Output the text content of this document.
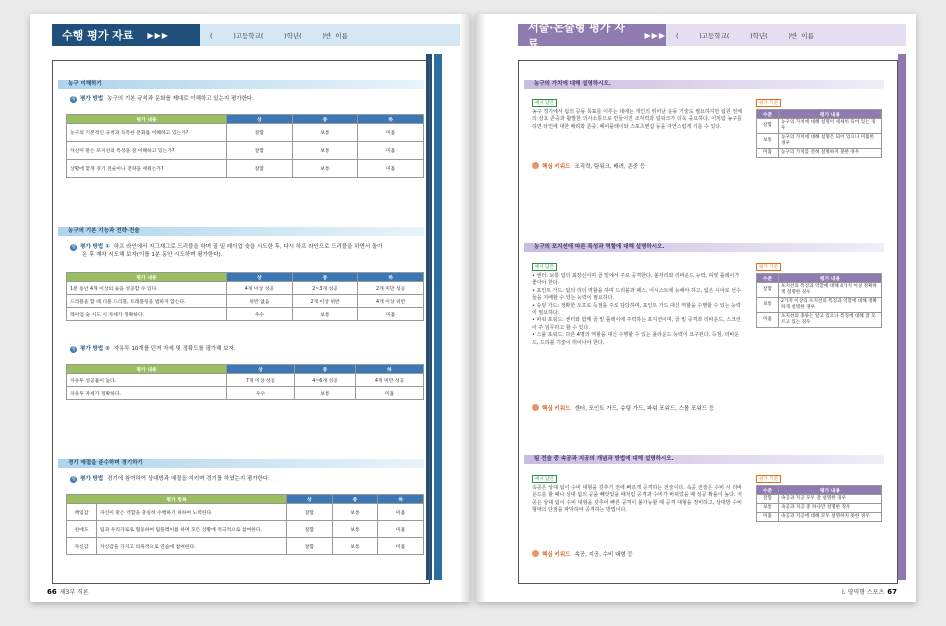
수행 평가 자료 ▶▶▶	(          )고등학교(          )학년(          )반  이름
농구 이해하기
평 평가 방법 농구의 기본 규칙과 문화를 제대로 이해하고 있는지 평가한다.
평가 내용	상	중	하
농구의 기본적인 규칙과 득특한 문화를 이해하고 있는가?	잘함	보통	미흡
자신이 맡은 포지션의 특성을 잘 이해하고 있는가?	잘함	보통	미흡
상황에 맞게 경기 전술이나 전략을 세웠는가?	잘함	보통	미흡
농구의 기본 기능과 전략·전술
평 평가 방법 ① 하프 라인에서 지그재그로 드리블을 하며 골 밑 레이업 슛을 시도한 후, 다시 하프 라인으로 드리블을 하면서 돌아
온 후 재차 시도해 보자(이를 1분 동안 시도하며 평가한다).
평가 내용	상	중	하
1분 동안 4개 이상의 슛을 성공할 수 있다.	4개 이상 성공	2~3개 성공	2개 미만 성공
드리블을 할 때 더블 드리블, 트래블링을 범하지 않는다.	위반 없음	2개 이상 위반	4개 이상 위반
레이업 슛 시도 시 자세가 정확하다.	우수	보통	미흡
평 평가 방법 ② 자유투 10개를 던져 자세 및 정확도를 평가해 보자.
평가 내용	상	중	하
자유투 성공률이 높다.	7개 이상 성공	4~6개 성공	4개 미만 성공
자유투 자세가 정확하다.	우수	보통	미흡
경기 예절을 준수하며 경기하기
평 평가 방법 경기에 참여하여 상대방과 예절을 지키며 경기를 하였는지 평가한다.
평가 항목		상	중	하
책임감	자신이 맡은 역할을 충실히 수행하기 위하여 노력한다.	잘함	보통	미흡
친애도	팀과 우리가로로 협동하여 팀플레이를 하며 모든 상황에 적극적으로 참여한다.	잘함	보통	미흡
자신감	자신감을 가지고 의욕적으로 연습에 참여한다.	잘함	보통	미흡
66 제3부 직론
서술·논술형 평가 자료
▶▶▶	(          )고등학교(          )학년(          )반  이름
농구의 가치에 대해 설명하시오.
예시 답안
농구 경기에서 팀의 공동 목표를 이루는 데에는 개인의 뛰어난 운동 기술도 필요하지만 팀원 전체의 상호 존중과 활발한 의사소통으로 만들어진 조직력과 팀워크가 더욱 중요하다. 이처럼 농구를 하면 타인에 대한 배려와 존중, 페어플레이와 스포츠맨십 등을 자연스럽게 기를 수 있다.
핵심 키워드 조직력, 팀워크, 배려, 존중 등
평가 기준
수준	평가 내용
잘함	농구의 가치에 대해 설명이 세세히 되어 있는 경우
보통	농구의 가치에 대해 설명은 되어 있으나 미흡한 경우
미흡	농구의 가치를 전혀 설명하지 못한 경우
농구의 포지션에 따른 특성과 역할에 대해 설명하시오.
예시 답안
• 센터: 보통 팀의 최장신이며 골 밑에서 주로 공격한다. 볼처리와 리바운드 능력, 피벗 플레이가 좋아야 한다.
• 포인트 가드: 팀의 리더 역할을 하며 드리블과 패스, 어시스트에 능해야 하고, 넓은 시야로 선수들을 지배할 수 있는 능력이 필요하다.
• 슈팅 가드: 정확한 오프로 득점을 주로 담당하며, 포인트 가드 대신 역할을 수행할 수 있는 능력이 필요하다.
• 파워 포워드: 센터와 함께 골 밑 플레이에 주력하는 포지션이며, 골 밑 공격과 리바운드, 스크린이 주 임무라고 할 수 있다.
• 스몰 포워드: 다른 4명의 역할을 대신 수행할 수 있는 올라운드 능력이 요구된다. 득점, 리바운드, 드리블 기술이 뛰어나야 한다.
핵심 키워드 센터, 포인트 가드, 슈팅 가드, 파워 포워드, 스몰 포워드 등
평가 기준
수준	평가 내용
잘함	포지션의 특징과 역할에 대해 4가지 이상 정확하게 설명한 경우
보통	2가지 이상의 포지션의 특징과 역할에 대해 정확하게 설명한 경우
미흡	포지션의 종류는 알고 있으나 특징에 대해 잘 모르고 있는 경우
팀 전술 중 속공과 지공의 개념과 방법에 대해 설명하시오.
예시 답안
속공은 상대 팀이 수비 대형을 갖추기 전에 빠르게 공격하는 전술이다. 속공 전술은 수비 시 리바운드를 할 때나 상대 팀의 공을 빼앗았을 때처럼 공격과 수비가 바뀌었을 때 성공 확률이 높다. 지공은 상대 팀이 수비 대형을 갖추어 빠른 공격이 불가능할 때 공격 대형을 정비하고, 상대방 수비 형태의 단점을 파악하여 공격하는 방법이다.
핵심 키워드 속공, 지공, 수비 대형 등
평가 기준
수준	평가 내용
잘함	속공과 지공 모두 잘 설명한 경우
보통	속공과 지공 중 하나만 설명한 경우
미흡	속공과 지공에 대해 모두 설명하지 못한 경우
I. 영역형 스포츠 67
